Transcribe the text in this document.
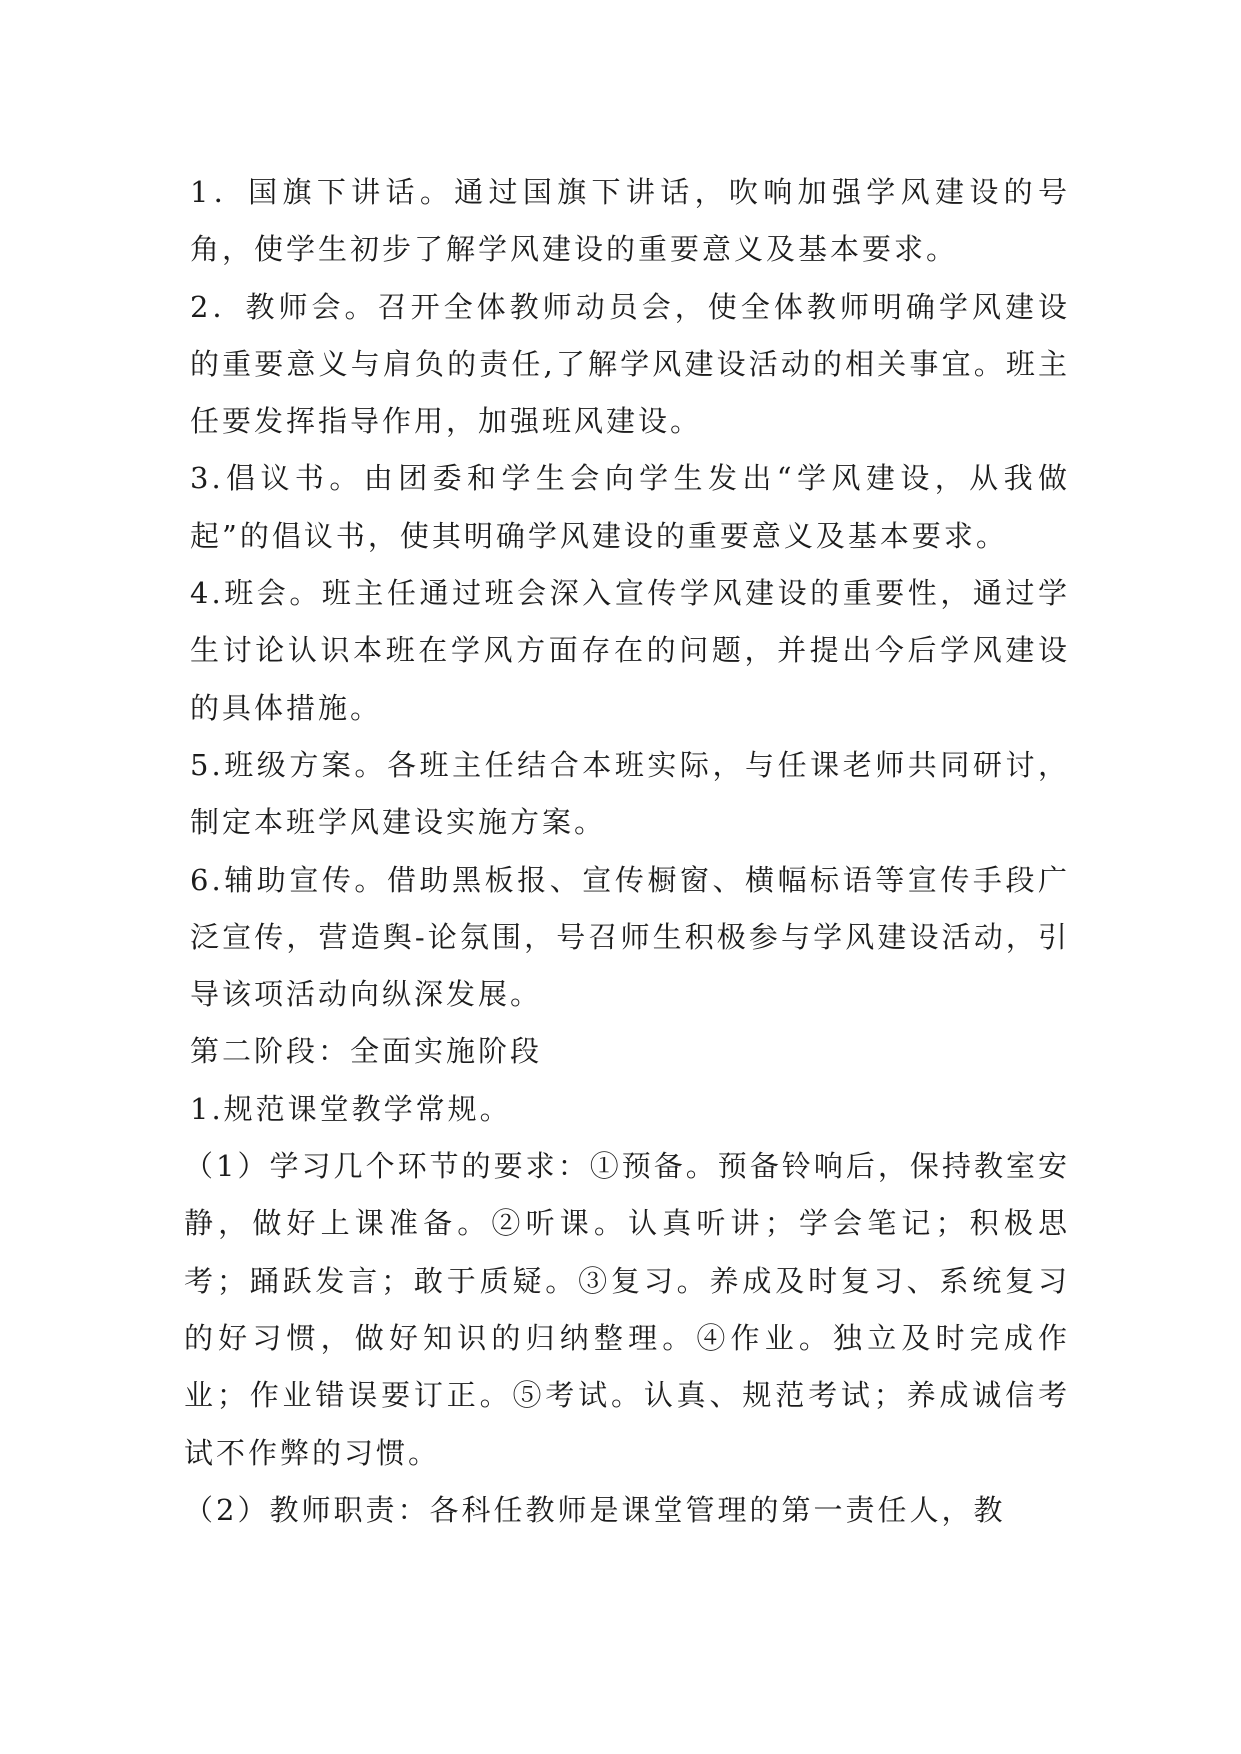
1．国旗下讲话。通过国旗下讲话，吹响加强学风建设的号角，使学生初步了解学风建设的重要意义及基本要求。

2．教师会。召开全体教师动员会，使全体教师明确学风建设的重要意义与肩负的责任,了解学风建设活动的相关事宜。班主任要发挥指导作用，加强班风建设。

3.倡议书。由团委和学生会向学生发出“学风建设，从我做起”的倡议书，使其明确学风建设的重要意义及基本要求。

4.班会。班主任通过班会深入宣传学风建设的重要性，通过学生讨论认识本班在学风方面存在的问题，并提出今后学风建设的具体措施。

5.班级方案。各班主任结合本班实际，与任课老师共同研讨，制定本班学风建设实施方案。

6.辅助宣传。借助黑板报、宣传橱窗、横幅标语等宣传手段广泛宣传，营造舆-论氛围，号召师生积极参与学风建设活动，引导该项活动向纵深发展。

第二阶段：全面实施阶段

1.规范课堂教学常规。

（1）学习几个环节的要求：①预备。预备铃响后，保持教室安静，做好上课准备。②听课。认真听讲；学会笔记；积极思考；踊跃发言；敢于质疑。③复习。养成及时复习、系统复习的好习惯，做好知识的归纳整理。④作业。独立及时完成作业；作业错误要订正。⑤考试。认真、规范考试；养成诚信考试不作弊的习惯。

（2）教师职责：各科任教师是课堂管理的第一责任人，教
